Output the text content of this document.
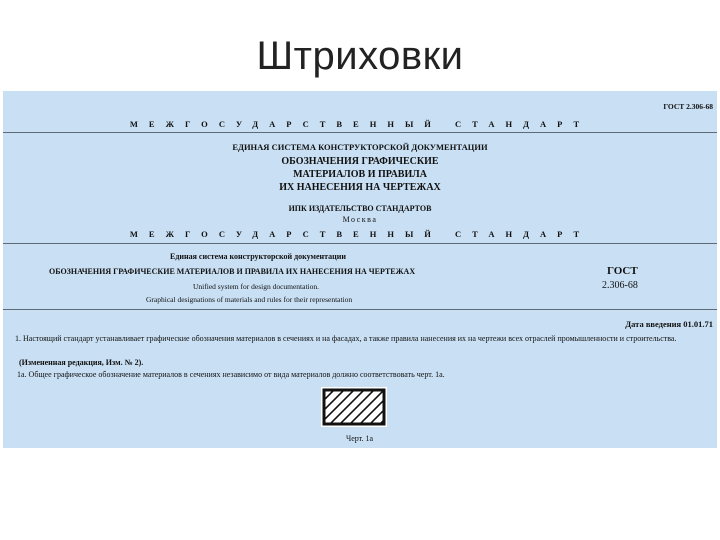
Штриховки
ГОСТ 2.306-68
МЕЖГОСУДАРСТВЕННЫЙ СТАНДАРТ
ЕДИНАЯ СИСТЕМА КОНСТРУКТОРСКОЙ ДОКУМЕНТАЦИИ
ОБОЗНАЧЕНИЯ ГРАФИЧЕСКИЕ
МАТЕРИАЛОВ И ПРАВИЛА
ИХ НАНЕСЕНИЯ НА ЧЕРТЕЖАХ
ИПК ИЗДАТЕЛЬСТВО СТАНДАРТОВ
Москва
МЕЖГОСУДАРСТВЕННЫЙ СТАНДАРТ
Единая система конструкторской документации
ОБОЗНАЧЕНИЯ ГРАФИЧЕСКИЕ МАТЕРИАЛОВ И ПРАВИЛА ИХ НАНЕСЕНИЯ НА ЧЕРТЕЖАХ
Unified system for design documentation.
Graphical designations of materials and rules for their representation
ГОСТ
2.306-68
Дата введения 01.01.71
1. Настоящий стандарт устанавливает графические обозначения материалов в сечениях и на фасадах, а также правила нанесения их на чертежи всех отраслей промышленности и строительства.
(Измененная редакция, Изм. № 2).
1а. Общее графическое обозначение материалов в сечениях независимо от вида материалов должно соответствовать черт. 1а.
Черт. 1а
